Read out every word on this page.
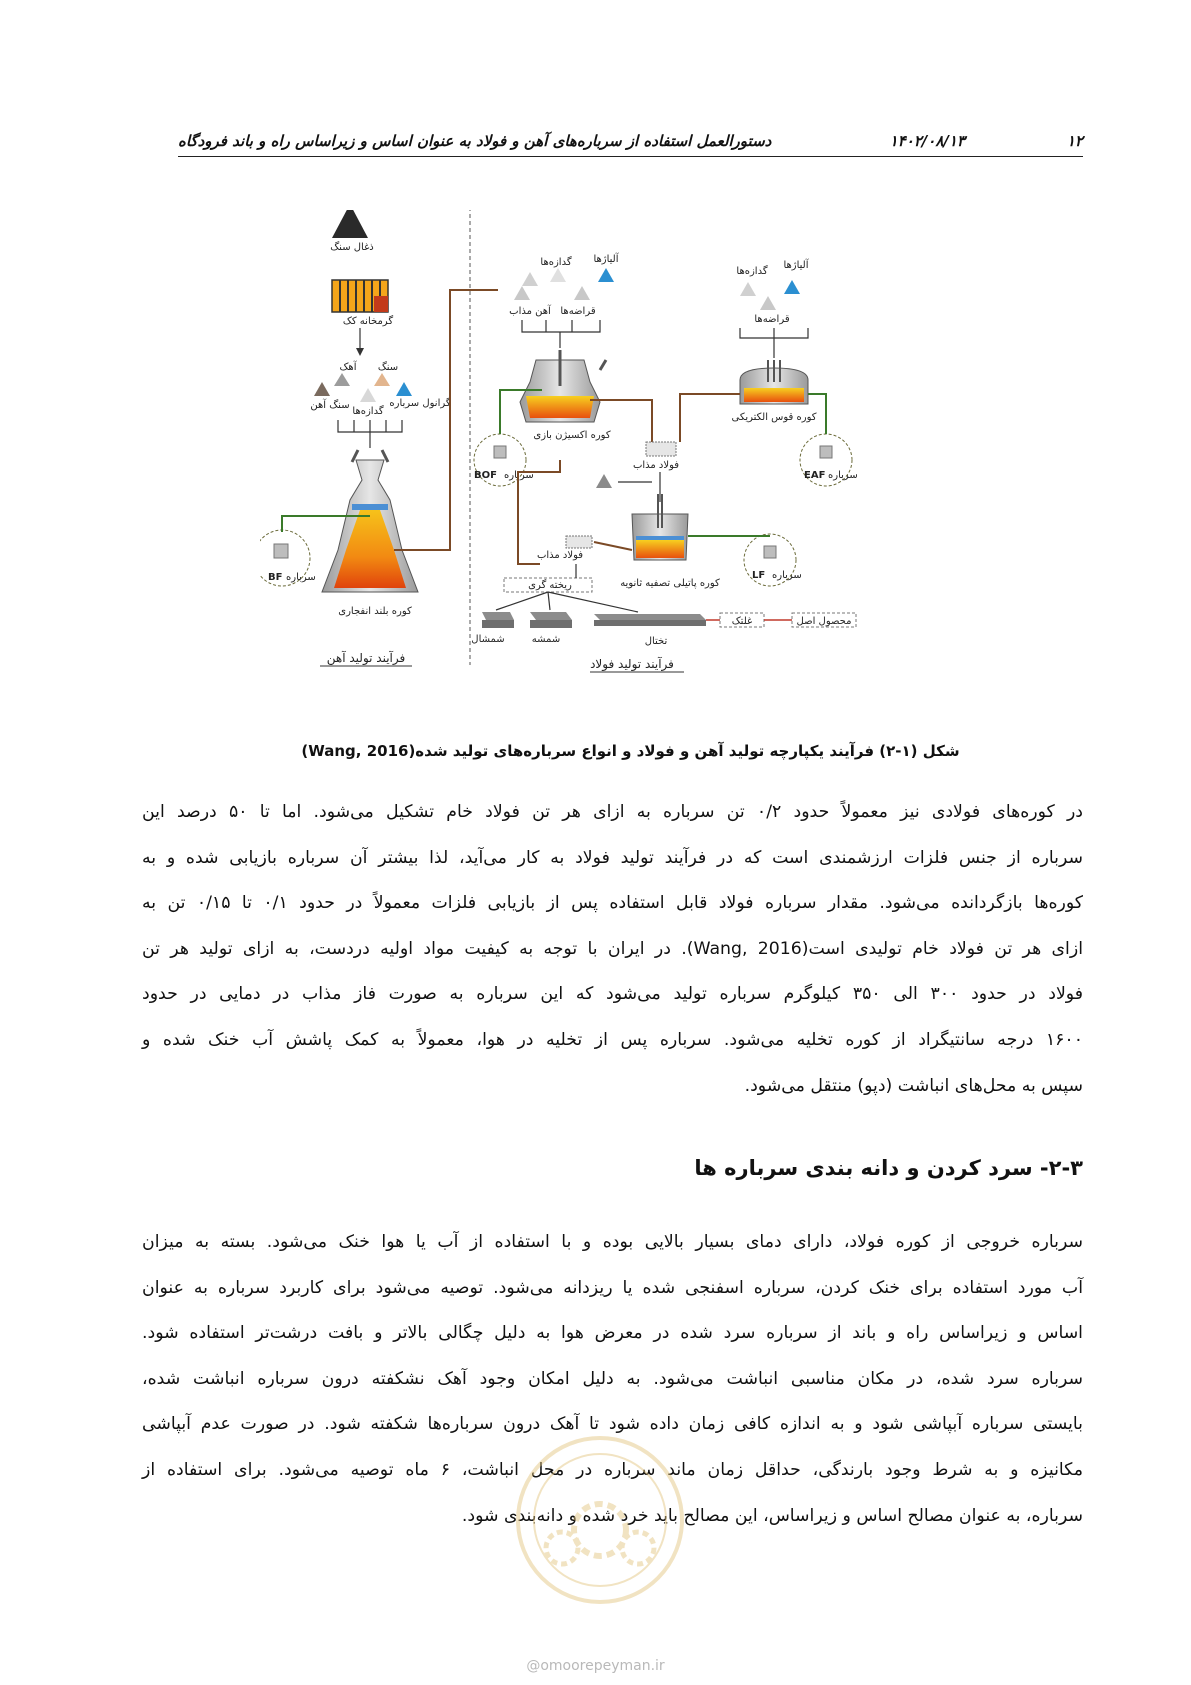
۱۲
۱۴۰۲/۰۸/۱۳
دستورالعمل استفاده از سرباره‌های آهن و فولاد به عنوان اساس و زیراساس راه و باند فرودگاه
ذغال سنگ
گرمخانه کک
آهک سنگ
سنگ آهن
گدازه‌ها
گرانول سرباره
کوره بلند انفجاری
سرباره
BF
فرآیند تولید آهن
گدازه‌ها آلیاژها
آهن مذاب قراضه‌ها
کوره اکسیژن بازی
سرباره
BOF
گدازه‌ها
آلیاژها
قراضه‌ها
کوره قوس الکتریکی
سرباره
EAF
فولاد مذاب
کوره پاتیلی تصفیه ثانویه
سرباره
LF
فولاد مذاب
ریخته گری
شمشال	شمشه	تختال
غلتک	محصول اصل
فرآیند تولید فولاد
شکل (۱-۲) فرآیند یکپارچه تولید آهن و فولاد و انواع سرباره‌های تولید شده(Wang, 2016)
در کوره‌های فولادی نیز معمولاً حدود ۰/۲ تن سرباره به ازای هر تن فولاد خام تشکیل می‌شود. اما تا ۵۰ درصد این
سرباره از جنس فلزات ارزشمندی است که در فرآیند تولید فولاد به کار می‌آید، لذا بیشتر آن سرباره بازیابی شده و به
کوره‌ها بازگردانده می‌شود. مقدار سرباره فولاد قابل استفاده پس از بازیابی فلزات معمولاً در حدود ۰/۱ تا ۰/۱۵ تن به
ازای هر تن فولاد خام تولیدی است(Wang, 2016). در ایران با توجه به کیفیت مواد اولیه دردست، به ازای تولید هر تن
فولاد در حدود ۳۰۰ الی ۳۵۰ کیلوگرم سرباره تولید می‌شود که این سرباره به صورت فاز مذاب در دمایی در حدود
۱۶۰۰ درجه سانتیگراد از کوره تخلیه می‌شود. سرباره پس از تخلیه در هوا، معمولاً به کمک پاشش آب خنک شده و
سپس به محل‌های انباشت (دپو) منتقل می‌شود.
۲-۳- سرد کردن و دانه بندی سرباره ها
سرباره خروجی از کوره فولاد، دارای دمای بسیار بالایی بوده و با استفاده از آب یا هوا خنک می‌شود. بسته به میزان
آب مورد استفاده برای خنک کردن، سرباره اسفنجی شده یا ریزدانه می‌شود. توصیه می‌شود برای کاربرد سرباره به عنوان
اساس و زیراساس راه و باند از سرباره سرد شده در معرض هوا به دلیل چگالی بالاتر و بافت درشت‌تر استفاده شود.
سرباره سرد شده، در مکان مناسبی انباشت می‌شود. به دلیل امکان وجود آهک نشکفته درون سرباره انباشت شده،
بایستی سرباره آبپاشی شود و به اندازه کافی زمان داده شود تا آهک درون سرباره‌ها شکفته شود. در صورت عدم آبپاشی
مکانیزه و به شرط وجود بارندگی، حداقل زمان ماند سرباره در محل انباشت، ۶ ماه توصیه می‌شود. برای استفاده از
سرباره، به عنوان مصالح اساس و زیراساس، این مصالح باید خرد شده و دانه‌بندی شود.
@omoorepeyman.ir
